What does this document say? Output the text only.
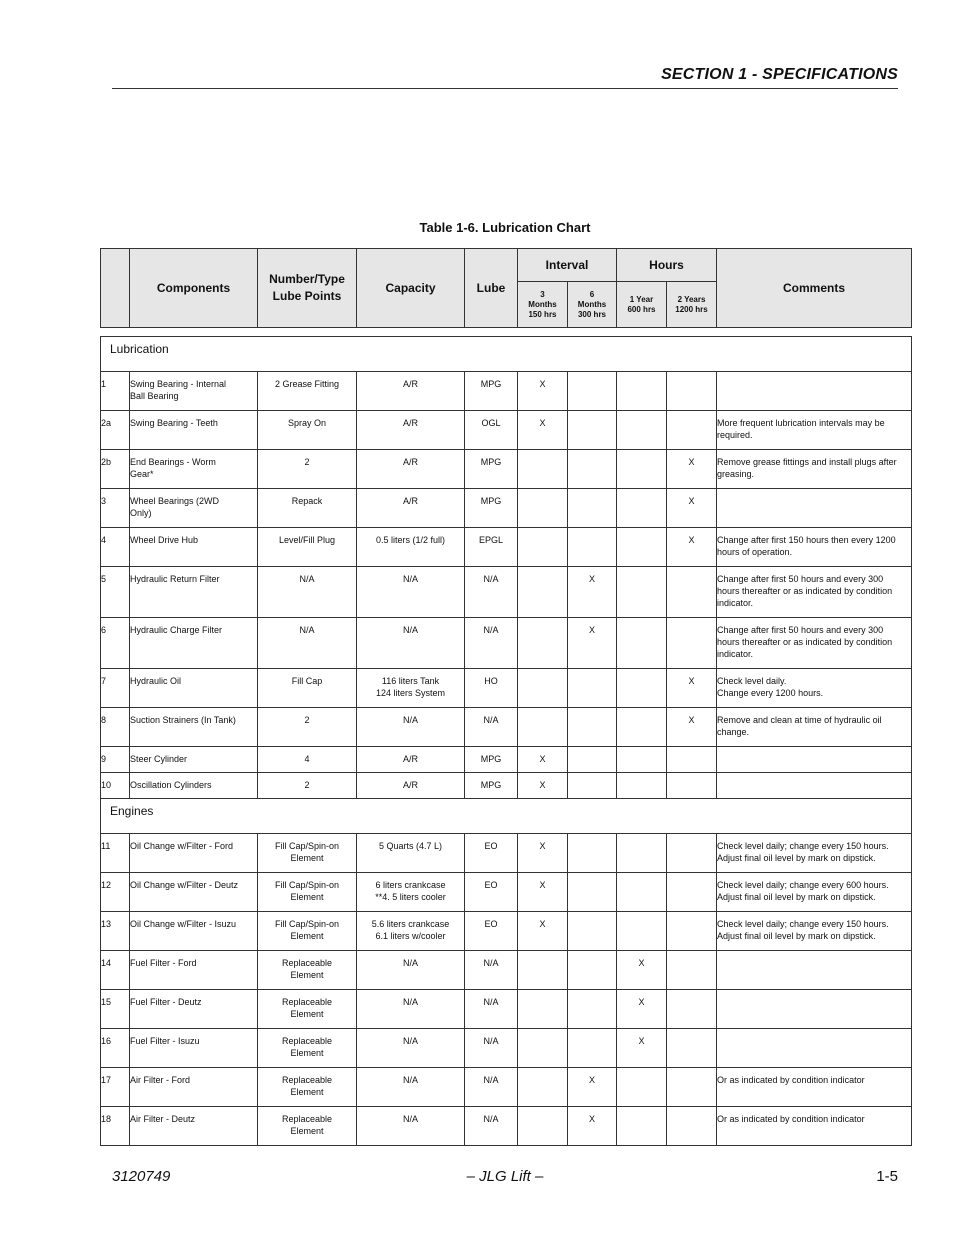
SECTION 1 - SPECIFICATIONS
Table 1-6. Lubrication Chart
	Components	Number/Type
Lube Points	Capacity	Lube	Interval		Hours		Comments
					3
Months
150 hrs	6
Months
300 hrs	1 Year
600 hrs	2 Years
1200 hrs	

Lubrication									
1	Swing Bearing - Internal
Ball Bearing	2 Grease Fitting	A/R	MPG	X				
2a	Swing Bearing - Teeth	Spray On	A/R	OGL	X				More frequent lubrication intervals may be
required.
2b	End Bearings - Worm
Gear*	2	A/R	MPG				X	Remove grease fittings and install plugs after
greasing.
3	Wheel Bearings (2WD
Only)	Repack	A/R	MPG				X	
4	Wheel Drive Hub	Level/Fill Plug	0.5 liters (1/2 full)	EPGL				X	Change after first 150 hours then every 1200
hours of operation.
5	Hydraulic Return Filter	N/A	N/A	N/A		X			Change after first 50 hours and every 300
hours thereafter or as indicated by condition
indicator.
6	Hydraulic Charge Filter	N/A	N/A	N/A		X			Change after first 50 hours and every 300
hours thereafter or as indicated by condition
indicator.
7	Hydraulic Oil	Fill Cap	116 liters Tank
124 liters System	HO				X	Check level daily.
Change every 1200 hours.
8	Suction Strainers (In Tank)	2	N/A	N/A				X	Remove and clean at time of hydraulic oil
change.
9	Steer Cylinder	4	A/R	MPG	X				
10	Oscillation Cylinders	2	A/R	MPG	X				
Engines									
11	Oil Change w/Filter - Ford	Fill Cap/Spin-on
Element	5 Quarts (4.7 L)	EO	X				Check level daily; change every 150 hours.
Adjust final oil level by mark on dipstick.
12	Oil Change w/Filter - Deutz	Fill Cap/Spin-on
Element	6 liters crankcase
**4. 5 liters cooler	EO	X				Check level daily; change every 600 hours.
Adjust final oil level by mark on dipstick.
13	Oil Change w/Filter - Isuzu	Fill Cap/Spin-on
Element	5.6 liters crankcase
6.1 liters w/cooler	EO	X				Check level daily; change every 150 hours.
Adjust final oil level by mark on dipstick.
14	Fuel Filter - Ford	Replaceable
Element	N/A	N/A			X		
15	Fuel Filter - Deutz	Replaceable
Element	N/A	N/A			X		
16	Fuel Filter - Isuzu	Replaceable
Element	N/A	N/A			X		
17	Air Filter - Ford	Replaceable
Element	N/A	N/A		X			Or as indicated by condition indicator
18	Air Filter - Deutz	Replaceable
Element	N/A	N/A		X			Or as indicated by condition indicator
3120749	– JLG Lift –	1-5
